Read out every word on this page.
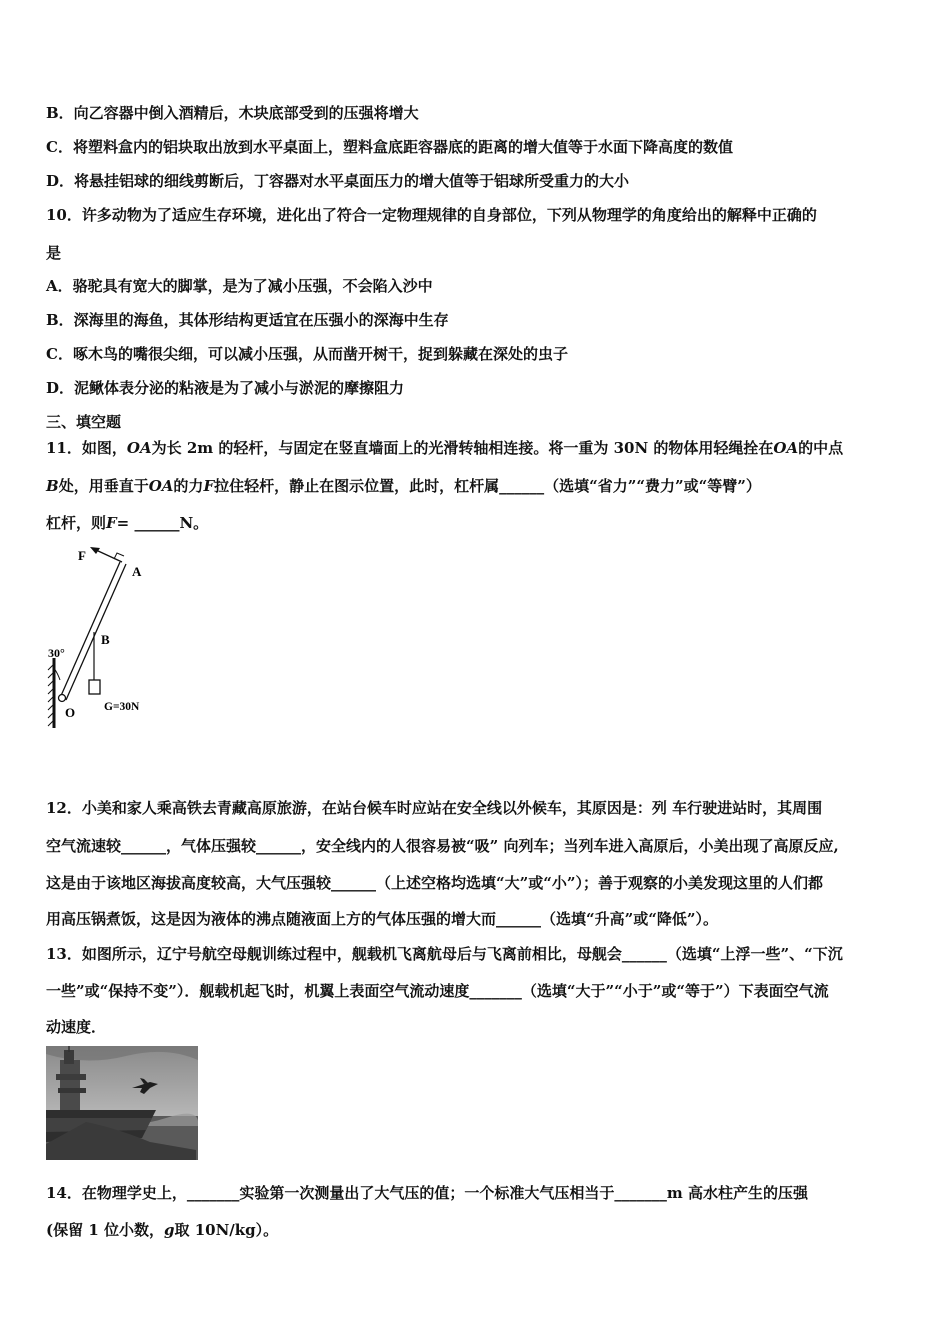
B．向乙容器中倒入酒精后，木块底部受到的压强将增大
C．将塑料盒内的铝块取出放到水平桌面上，塑料盒底距容器底的距离的增大值等于水面下降高度的数值
D．将悬挂铝球的细线剪断后，丁容器对水平桌面压力的增大值等于铝球所受重力的大小
10．许多动物为了适应生存环境，进化出了符合一定物理规律的自身部位，下列从物理学的角度给出的解释中正确的
是
A．骆驼具有宽大的脚掌，是为了减小压强，不会陷入沙中
B．深海里的海鱼，其体形结构更适宜在压强小的深海中生存
C．啄木鸟的嘴很尖细，可以减小压强，从而凿开树干，捉到躲藏在深处的虫子
D．泥鳅体表分泌的粘液是为了减小与淤泥的摩擦阻力
三、填空题
11．如图，OA为长 2m 的轻杆，与固定在竖直墙面上的光滑转轴相连接。将一重为 30N 的物体用轻绳拴在OA的中点
B处，用垂直于OA的力F拉住轻杆，静止在图示位置，此时，杠杆属______（选填“省力”“费力”或“等臂”）
杠杆，则F= ______N。
F
A
B
30°
O	G=30N
12．小美和家人乘高铁去青藏高原旅游，在站台候车时应站在安全线以外候车，其原因是：列 车行驶进站时，其周围
空气流速较______，气体压强较______，安全线内的人很容易被“吸” 向列车；当列车进入高原后，小美出现了高原反应,
这是由于该地区海拔高度较高，大气压强较______（上述空格均选填“大”或“小”）；善于观察的小美发现这里的人们都
用高压锅煮饭，这是因为液体的沸点随液面上方的气体压强的增大而______（选填“升高”或“降低”）。
13．如图所示，辽宁号航空母舰训练过程中，舰载机飞离航母后与飞离前相比，母舰会______（选填“上浮一些”、“下沉
一些”或“保持不变”）．舰载机起飞时，机翼上表面空气流动速度_______（选填“大于”“小于”或“等于”）下表面空气流
动速度．
14．在物理学史上，_______实验第一次测量出了大气压的值；一个标准大气压相当于_______m 高水柱产生的压强
(保留 1 位小数，g取 10N/kg）。
